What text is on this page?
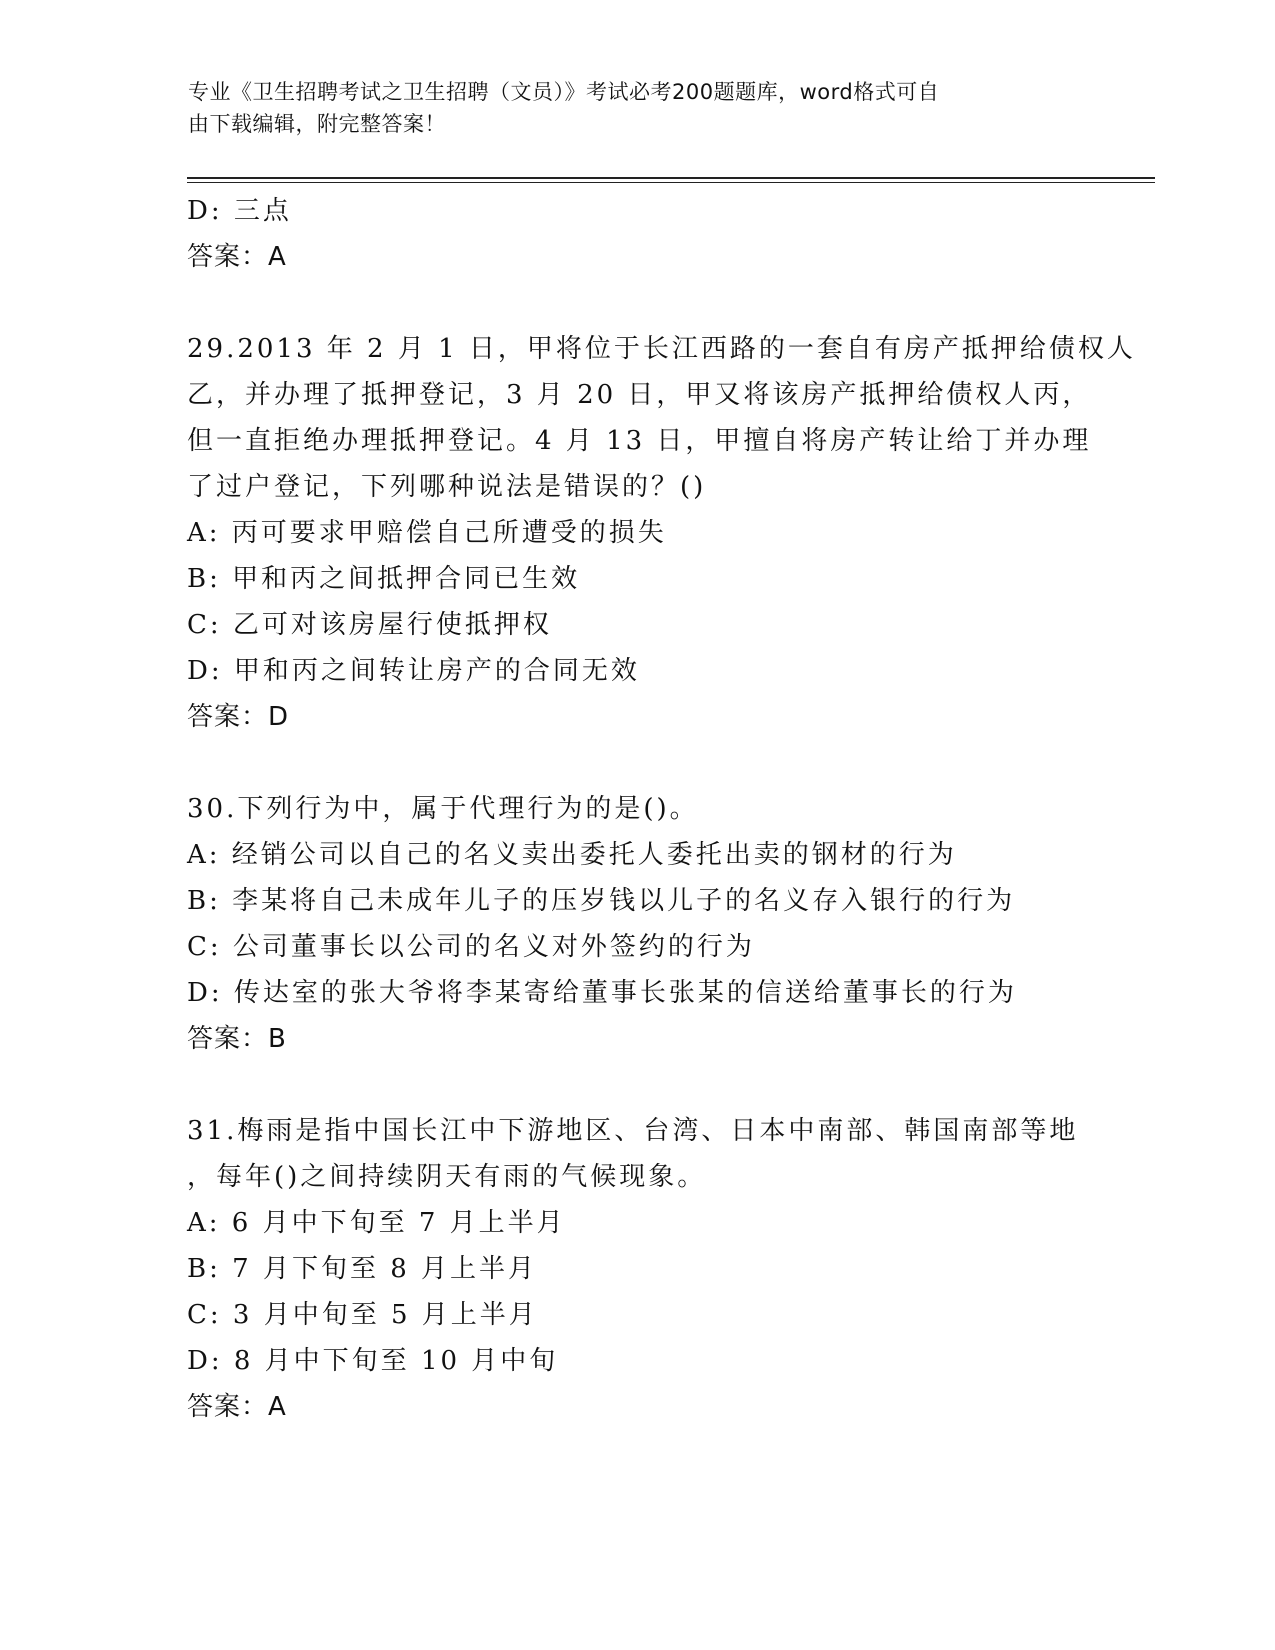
专业《卫生招聘考试之卫生招聘（文员）》考试必考200题题库，word格式可自
由下载编辑，附完整答案！
D: 三点
答案：A
29.2013 年 2 月 1 日，甲将位于长江西路的一套自有房产抵押给债权人
乙，并办理了抵押登记，3 月 20 日，甲又将该房产抵押给债权人丙，
但一直拒绝办理抵押登记。4 月 13 日，甲擅自将房产转让给丁并办理
了过户登记，下列哪种说法是错误的？()
A: 丙可要求甲赔偿自己所遭受的损失
B: 甲和丙之间抵押合同已生效
C: 乙可对该房屋行使抵押权
D: 甲和丙之间转让房产的合同无效
答案：D
30.下列行为中，属于代理行为的是()。
A: 经销公司以自己的名义卖出委托人委托出卖的钢材的行为
B: 李某将自己未成年儿子的压岁钱以儿子的名义存入银行的行为
C: 公司董事长以公司的名义对外签约的行为
D: 传达室的张大爷将李某寄给董事长张某的信送给董事长的行为
答案：B
31.梅雨是指中国长江中下游地区、台湾、日本中南部、韩国南部等地
，每年()之间持续阴天有雨的气候现象。
A: 6 月中下旬至 7 月上半月
B: 7 月下旬至 8 月上半月
C: 3 月中旬至 5 月上半月
D: 8 月中下旬至 10 月中旬
答案：A
